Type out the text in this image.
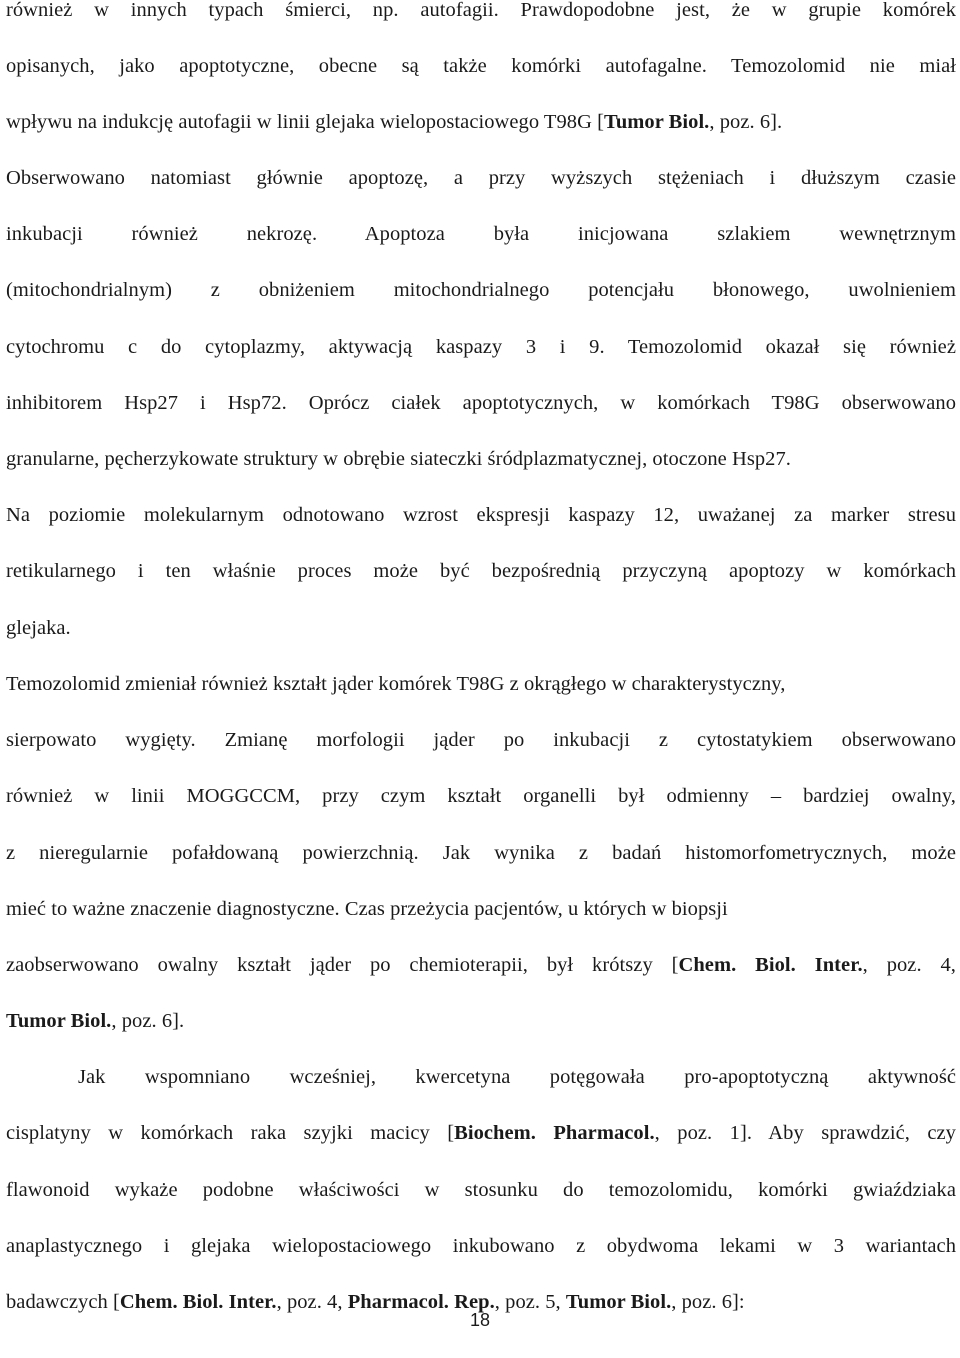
również w innych typach śmierci, np. autofagii. Prawdopodobne jest, że w grupie komórek
opisanych, jako apoptotyczne, obecne są także komórki autofagalne. Temozolomid nie miał
wpływu na indukcję autofagii w linii glejaka wielopostaciowego T98G [Tumor Biol., poz. 6].
Obserwowano natomiast głównie apoptozę, a przy wyższych stężeniach i dłuższym czasie
inkubacji również nekrozę. Apoptoza była inicjowana szlakiem wewnętrznym
(mitochondrialnym) z obniżeniem mitochondrialnego potencjału błonowego, uwolnieniem
cytochromu c do cytoplazmy, aktywacją kaspazy 3 i 9. Temozolomid okazał się również
inhibitorem Hsp27 i Hsp72. Oprócz ciałek apoptotycznych, w komórkach T98G obserwowano
granularne, pęcherzykowate struktury w obrębie siateczki śródplazmatycznej, otoczone Hsp27.
Na poziomie molekularnym odnotowano wzrost ekspresji kaspazy 12, uważanej za marker stresu
retikularnego i ten właśnie proces może być bezpośrednią przyczyną apoptozy w komórkach
glejaka.
Temozolomid zmieniał również kształt jąder komórek T98G z okrągłego w charakterystyczny,
sierpowato wygięty. Zmianę morfologii jąder po inkubacji z cytostatykiem obserwowano
również w linii MOGGCCM, przy czym kształt organelli był odmienny – bardziej owalny,
z nieregularnie pofałdowaną powierzchnią. Jak wynika z badań histomorfometrycznych, może
mieć to ważne znaczenie diagnostyczne. Czas przeżycia pacjentów, u których w biopsji
zaobserwowano owalny kształt jąder po chemioterapii, był krótszy [Chem. Biol. Inter., poz. 4,
Tumor Biol., poz. 6].
Jak wspomniano wcześniej, kwercetyna potęgowała pro-apoptotyczną aktywność
cisplatyny w komórkach raka szyjki macicy [Biochem. Pharmacol., poz. 1]. Aby sprawdzić, czy
flawonoid wykaże podobne właściwości w stosunku do temozolomidu, komórki gwiaździaka
anaplastycznego i glejaka wielopostaciowego inkubowano z obydwoma lekami w 3 wariantach
badawczych [Chem. Biol. Inter., poz. 4, Pharmacol. Rep., poz. 5, Tumor Biol., poz. 6]:
18
